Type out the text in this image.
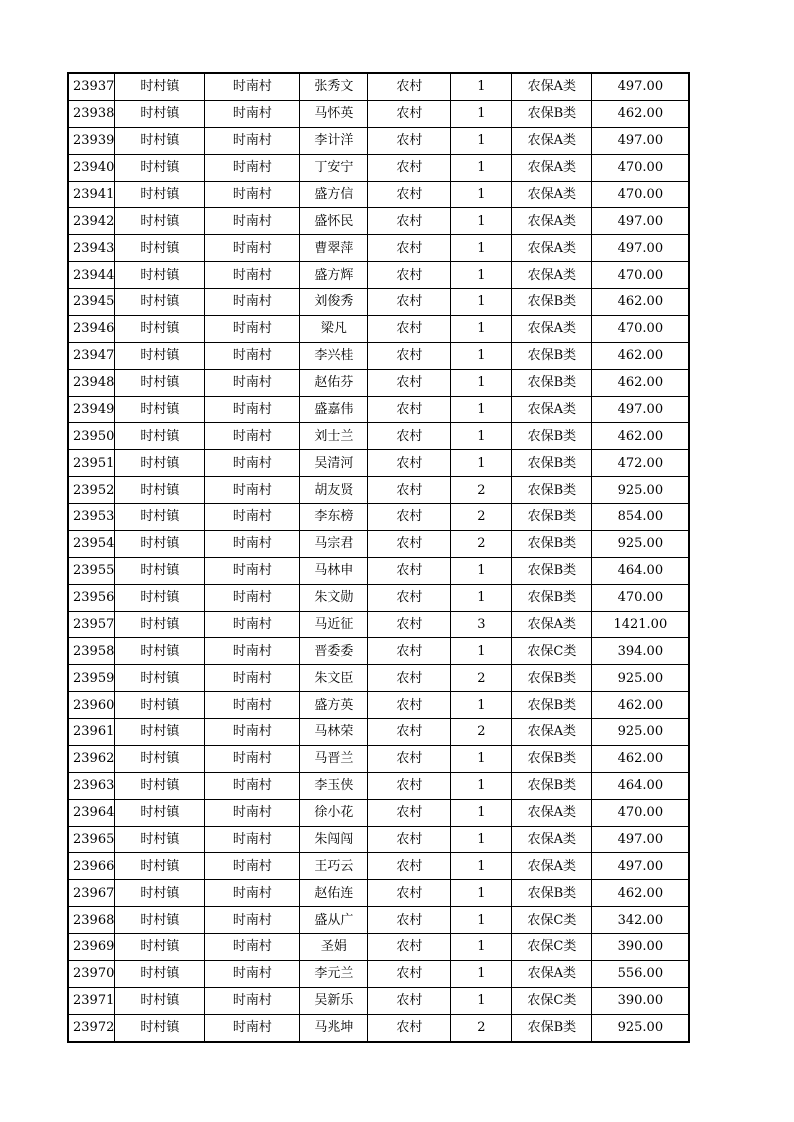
23937	时村镇	时南村	张秀文	农村	1	农保A类	497.00
23938	时村镇	时南村	马怀英	农村	1	农保B类	462.00
23939	时村镇	时南村	李计洋	农村	1	农保A类	497.00
23940	时村镇	时南村	丁安宁	农村	1	农保A类	470.00
23941	时村镇	时南村	盛方信	农村	1	农保A类	470.00
23942	时村镇	时南村	盛怀民	农村	1	农保A类	497.00
23943	时村镇	时南村	曹翠萍	农村	1	农保A类	497.00
23944	时村镇	时南村	盛方辉	农村	1	农保A类	470.00
23945	时村镇	时南村	刘俊秀	农村	1	农保B类	462.00
23946	时村镇	时南村	梁凡	农村	1	农保A类	470.00
23947	时村镇	时南村	李兴桂	农村	1	农保B类	462.00
23948	时村镇	时南村	赵佑芬	农村	1	农保B类	462.00
23949	时村镇	时南村	盛嘉伟	农村	1	农保A类	497.00
23950	时村镇	时南村	刘士兰	农村	1	农保B类	462.00
23951	时村镇	时南村	吴清河	农村	1	农保B类	472.00
23952	时村镇	时南村	胡友贤	农村	2	农保B类	925.00
23953	时村镇	时南村	李东榜	农村	2	农保B类	854.00
23954	时村镇	时南村	马宗君	农村	2	农保B类	925.00
23955	时村镇	时南村	马林申	农村	1	农保B类	464.00
23956	时村镇	时南村	朱文勋	农村	1	农保B类	470.00
23957	时村镇	时南村	马近征	农村	3	农保A类	1421.00
23958	时村镇	时南村	晋委委	农村	1	农保C类	394.00
23959	时村镇	时南村	朱文臣	农村	2	农保B类	925.00
23960	时村镇	时南村	盛方英	农村	1	农保B类	462.00
23961	时村镇	时南村	马林荣	农村	2	农保A类	925.00
23962	时村镇	时南村	马晋兰	农村	1	农保B类	462.00
23963	时村镇	时南村	李玉侠	农村	1	农保B类	464.00
23964	时村镇	时南村	徐小花	农村	1	农保A类	470.00
23965	时村镇	时南村	朱闯闯	农村	1	农保A类	497.00
23966	时村镇	时南村	王巧云	农村	1	农保A类	497.00
23967	时村镇	时南村	赵佑连	农村	1	农保B类	462.00
23968	时村镇	时南村	盛从广	农村	1	农保C类	342.00
23969	时村镇	时南村	圣娟	农村	1	农保C类	390.00
23970	时村镇	时南村	李元兰	农村	1	农保A类	556.00
23971	时村镇	时南村	吴新乐	农村	1	农保C类	390.00
23972	时村镇	时南村	马兆坤	农村	2	农保B类	925.00
